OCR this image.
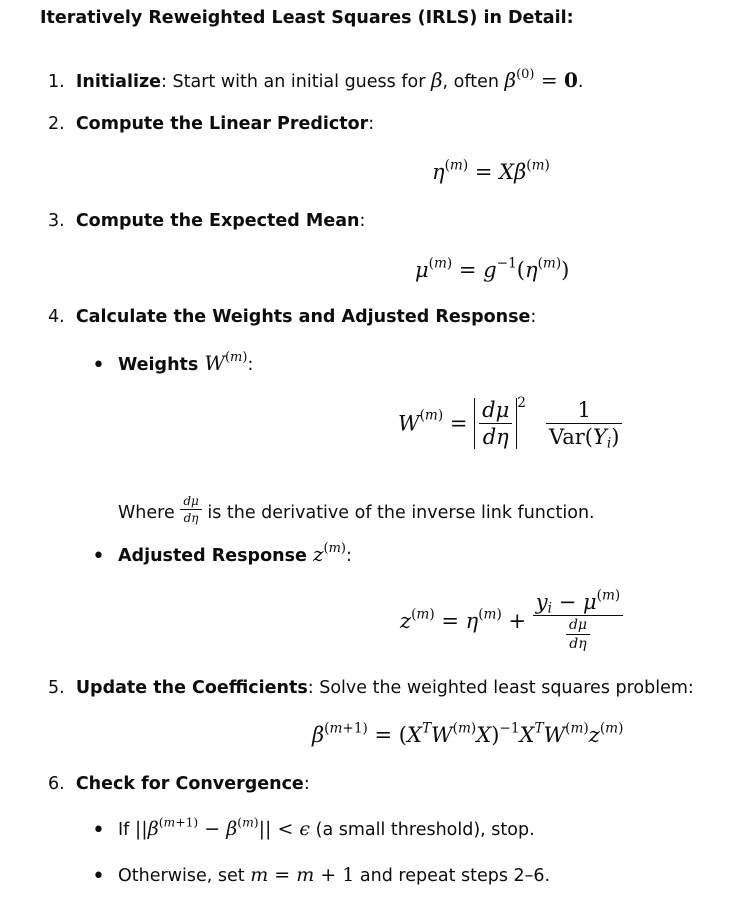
Iteratively Reweighted Least Squares (IRLS) in Detail:
1. Initialize: Start with an initial guess for β, often $\beta^{(0)} = 0$.
2. Compute the Linear Predictor:
$\eta^{(m)} = X\beta^{(m)}$
3. Compute the Expected Mean:
$\mu^{(m)} = g^{-1}(\eta^{(m)})$
4. Calculate the Weights and Adjusted Response:
• Weights $W^{(m)}$:
$W^{(m)} = \frac{d\mu}{d\eta} ^2 \frac{1}{Var(Y_i)}$
Where $\frac{d\mu}{d\eta}$ is the derivative of the inverse link function.
• Adjusted Response $z^{(m)}$:
$z^{(m)} = \eta^{(m)} + \frac{y_i - \mu^{(m)}}{\frac{d\mu}{d\eta}}$
5. Update the Coefficients: Solve the weighted least squares problem:
$\beta^{(m+1)} = (X^TW^{(m)}X)^{-1}X^TW^{(m)}z^{(m)}$
6. Check for Convergence:
• If $||\beta^{(m+1)} - \beta^{(m)}|| < \epsilon$ (a small threshold), stop.
• Otherwise, set m = m + 1 and repeat steps 2–6.
